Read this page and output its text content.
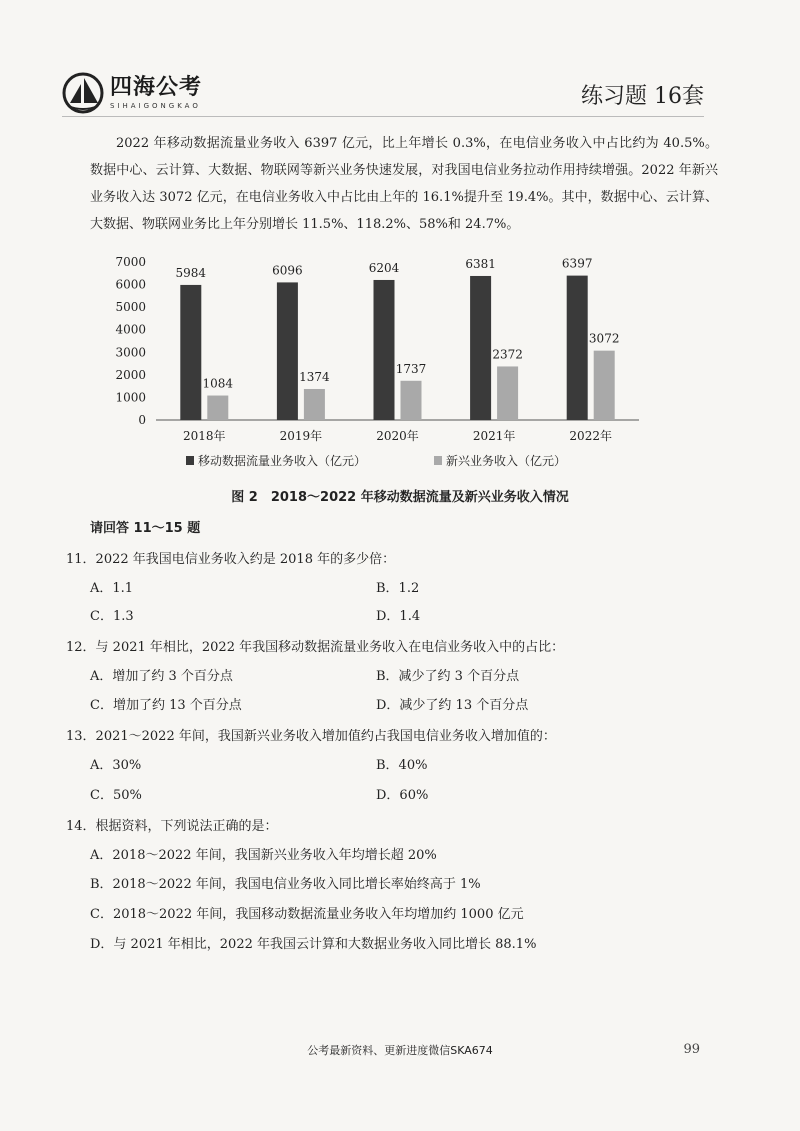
四海公考
SIHAIGONGKAO	练习题 16套
2022 年移动数据流量业务收入 6397 亿元，比上年增长 0.3%，在电信业务收入中占比约为 40.5%。数据中心、云计算、大数据、物联网等新兴业务快速发展，对我国电信业务拉动作用持续增强。2022 年新兴业务收入达 3072 亿元，在电信业务收入中占比由上年的 16.1%提升至 19.4%。其中，数据中心、云计算、大数据、物联网业务比上年分别增长 11.5%、118.2%、58%和 24.7%。
0
1000
2000
3000
4000
5000
6000
7000
5984
1084
2018年
6096
1374
2019年
6204
1737
2020年
6381
2372
2021年
6397
3072
2022年
移动数据流量业务收入（亿元）	新兴业务收入（亿元）
图 2　2018～2022 年移动数据流量及新兴业务收入情况
请回答 11～15 题
11．2022 年我国电信业务收入约是 2018 年的多少倍：
A．1.1	B．1.2
C．1.3	D．1.4
12．与 2021 年相比，2022 年我国移动数据流量业务收入在电信业务收入中的占比：
A．增加了约 3 个百分点	B．减少了约 3 个百分点
C．增加了约 13 个百分点	D．减少了约 13 个百分点
13．2021～2022 年间，我国新兴业务收入增加值约占我国电信业务收入增加值的：
A．30%	B．40%
C．50%	D．60%
14．根据资料，下列说法正确的是：
A．2018～2022 年间，我国新兴业务收入年均增长超 20%
B．2018～2022 年间，我国电信业务收入同比增长率始终高于 1%
C．2018～2022 年间，我国移动数据流量业务收入年均增加约 1000 亿元
D．与 2021 年相比，2022 年我国云计算和大数据业务收入同比增长 88.1%
公考最新资料、更新进度微信SKA674	99
